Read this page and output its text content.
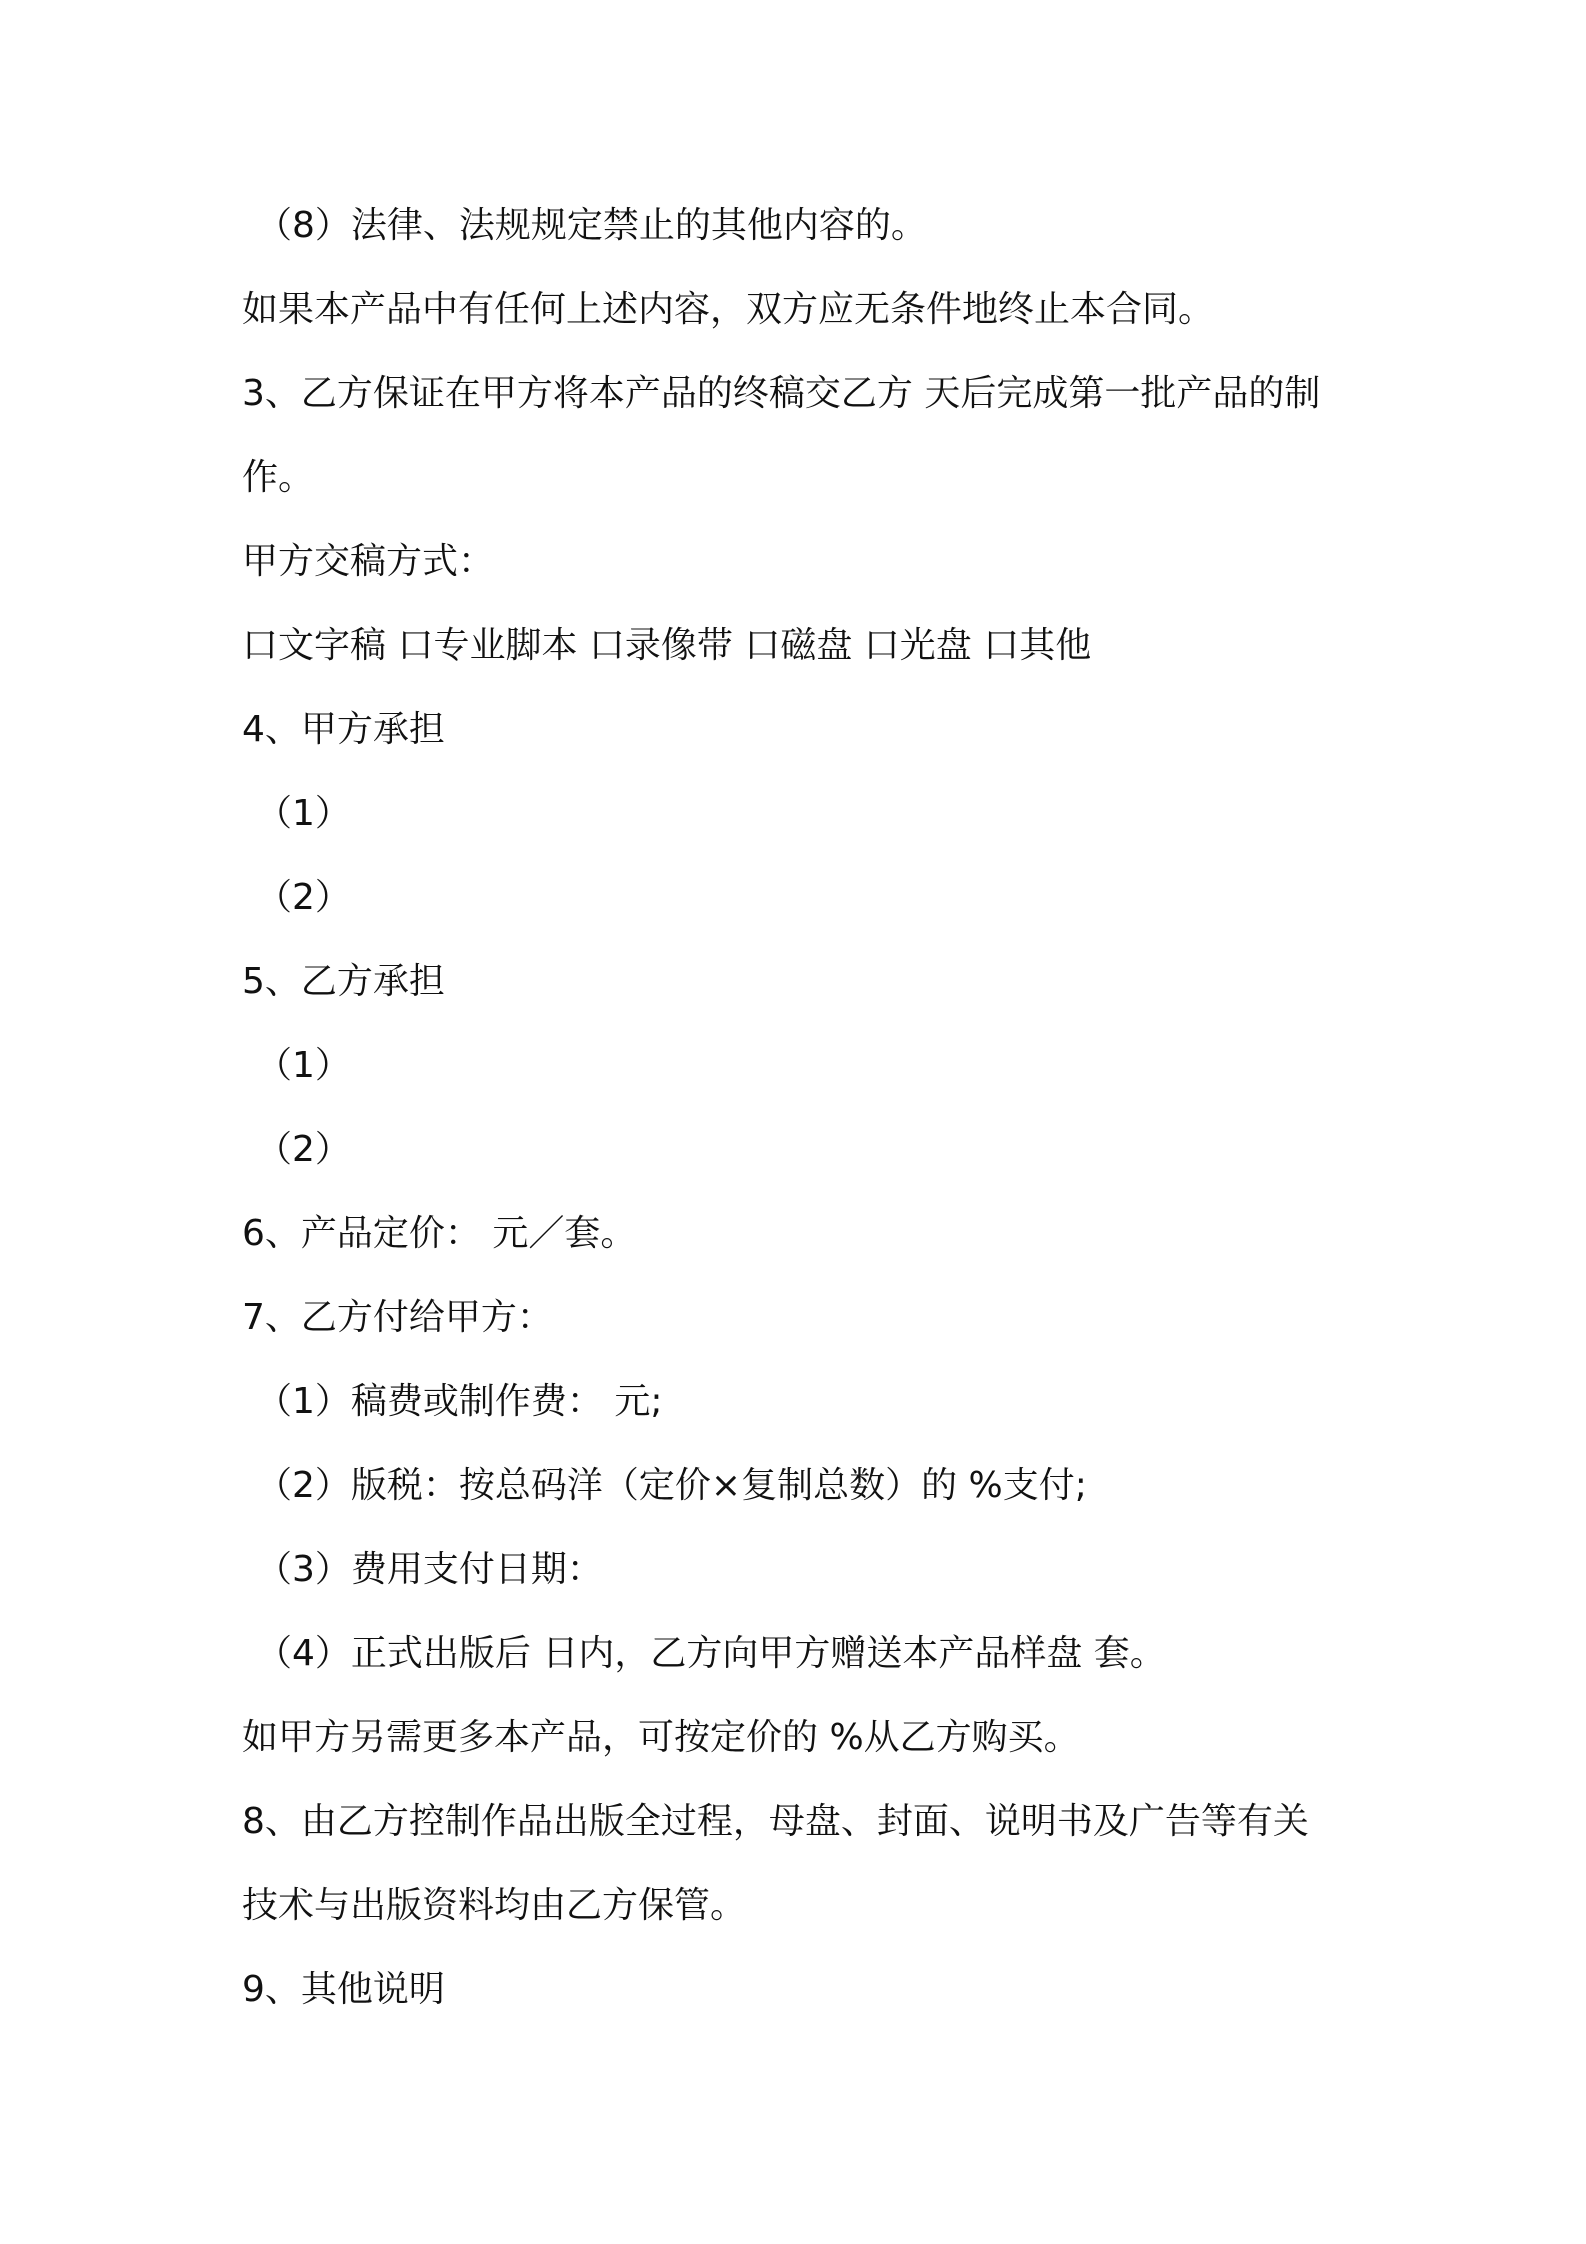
（8）法律、法规规定禁止的其他内容的。
如果本产品中有任何上述内容，双方应无条件地终止本合同。
3、乙方保证在甲方将本产品的终稿交乙方 天后完成第一批产品的制
作。
甲方交稿方式：
口文字稿 口专业脚本 口录像带 口磁盘 口光盘 口其他
4、甲方承担
（1）
（2）
5、乙方承担
（1）
（2）
6、产品定价： 元／套。
7、乙方付给甲方：
（1）稿费或制作费： 元;
（2）版税：按总码洋（定价×复制总数）的 %支付;
（3）费用支付日期：
（4）正式出版后 日内，乙方向甲方赠送本产品样盘 套。
如甲方另需更多本产品，可按定价的 %从乙方购买。
8、由乙方控制作品出版全过程，母盘、封面、说明书及广告等有关
技术与出版资料均由乙方保管。
9、其他说明
